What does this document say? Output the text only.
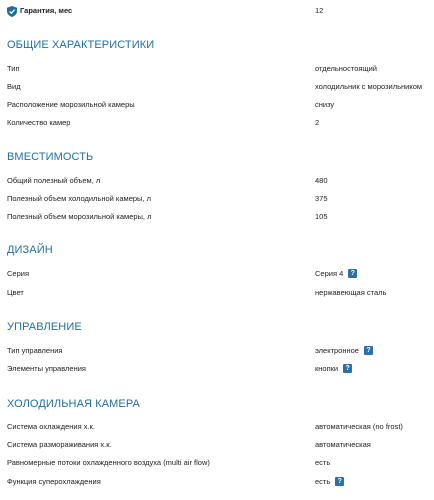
Гарантия, мес	12
ОБЩИЕ ХАРАКТЕРИСТИКИ
Тип	отдельностоящий
Вид	холодильник с морозильником
Расположение морозильной камеры	снизу
Количество камер	2
ВМЕСТИМОСТЬ
Общий полезный объем, л	480
Полезный объем холодильной камеры, л	375
Полезный объем морозильной камеры, л	105
ДИЗАЙН
Серия	Серия 4 ?
Цвет	нержавеющая сталь
УПРАВЛЕНИЕ
Тип управления	электронное ?
Элементы управления	кнопки ?
ХОЛОДИЛЬНАЯ КАМЕРА
Система охлаждения х.к.	автоматическая (no frost)
Система размораживания х.к.	автоматическая
Равномерные потоки охлажденного воздуха (multi air flow)	есть
Функция суперохлаждения	есть ?
